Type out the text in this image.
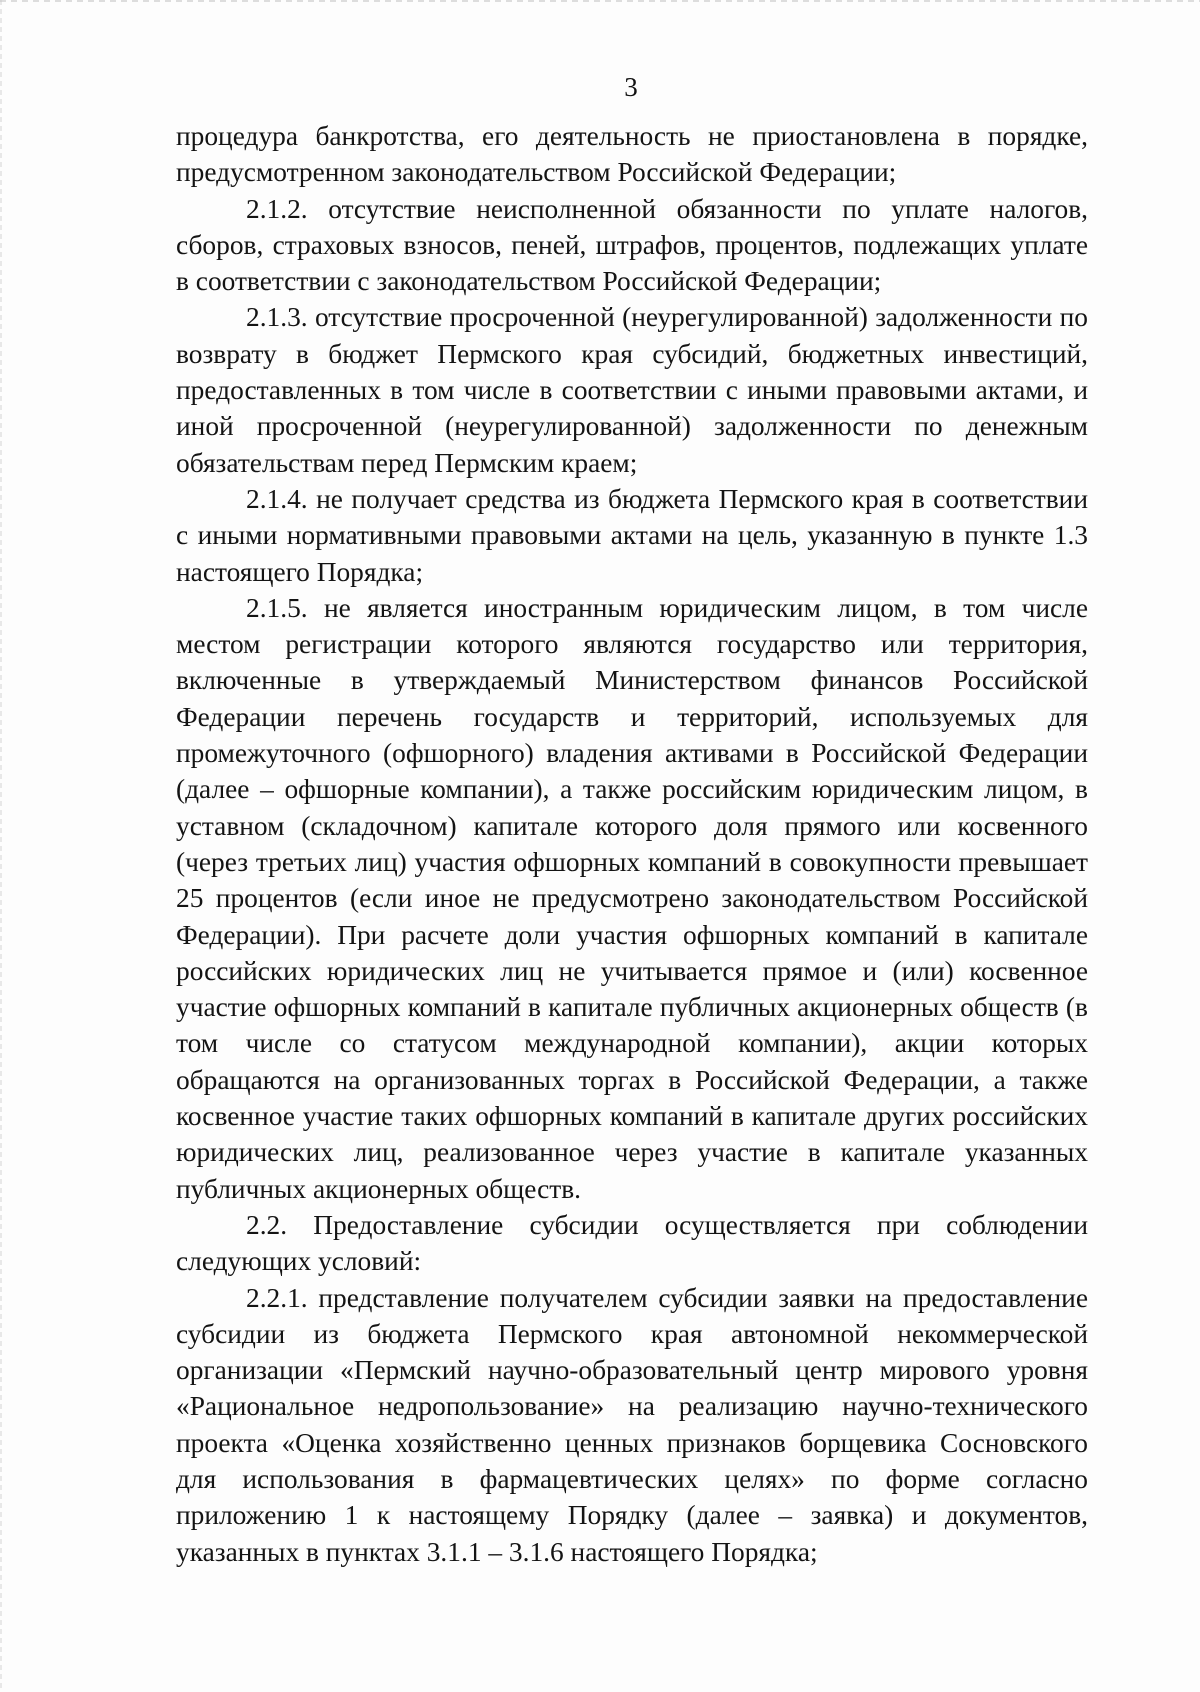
3

процедура банкротства, его деятельность не приостановлена в порядке, предусмотренном законодательством Российской Федерации;

2.1.2. отсутствие неисполненной обязанности по уплате налогов, сборов, страховых взносов, пеней, штрафов, процентов, подлежащих уплате в соответствии с законодательством Российской Федерации;

2.1.3. отсутствие просроченной (неурегулированной) задолженности по возврату в бюджет Пермского края субсидий, бюджетных инвестиций, предоставленных в том числе в соответствии с иными правовыми актами, и иной просроченной (неурегулированной) задолженности по денежным обязательствам перед Пермским краем;

2.1.4. не получает средства из бюджета Пермского края в соответствии с иными нормативными правовыми актами на цель, указанную в пункте 1.3 настоящего Порядка;

2.1.5. не является иностранным юридическим лицом, в том числе местом регистрации которого являются государство или территория, включенные в утверждаемый Министерством финансов Российской Федерации перечень государств и территорий, используемых для промежуточного (офшорного) владения активами в Российской Федерации (далее – офшорные компании), а также российским юридическим лицом, в уставном (складочном) капитале которого доля прямого или косвенного (через третьих лиц) участия офшорных компаний в совокупности превышает 25 процентов (если иное не предусмотрено законодательством Российской Федерации). При расчете доли участия офшорных компаний в капитале российских юридических лиц не учитывается прямое и (или) косвенное участие офшорных компаний в капитале публичных акционерных обществ (в том числе со статусом международной компании), акции которых обращаются на организованных торгах в Российской Федерации, а также косвенное участие таких офшорных компаний в капитале других российских юридических лиц, реализованное через участие в капитале указанных публичных акционерных обществ.

2.2. Предоставление субсидии осуществляется при соблюдении следующих условий:

2.2.1. представление получателем субсидии заявки на предоставление субсидии из бюджета Пермского края автономной некоммерческой организации «Пермский научно-образовательный центр мирового уровня «Рациональное недропользование» на реализацию научно-технического проекта «Оценка хозяйственно ценных признаков борщевика Сосновского для использования в фармацевтических целях» по форме согласно приложению 1 к настоящему Порядку (далее – заявка) и документов, указанных в пунктах 3.1.1 – 3.1.6 настоящего Порядка;
